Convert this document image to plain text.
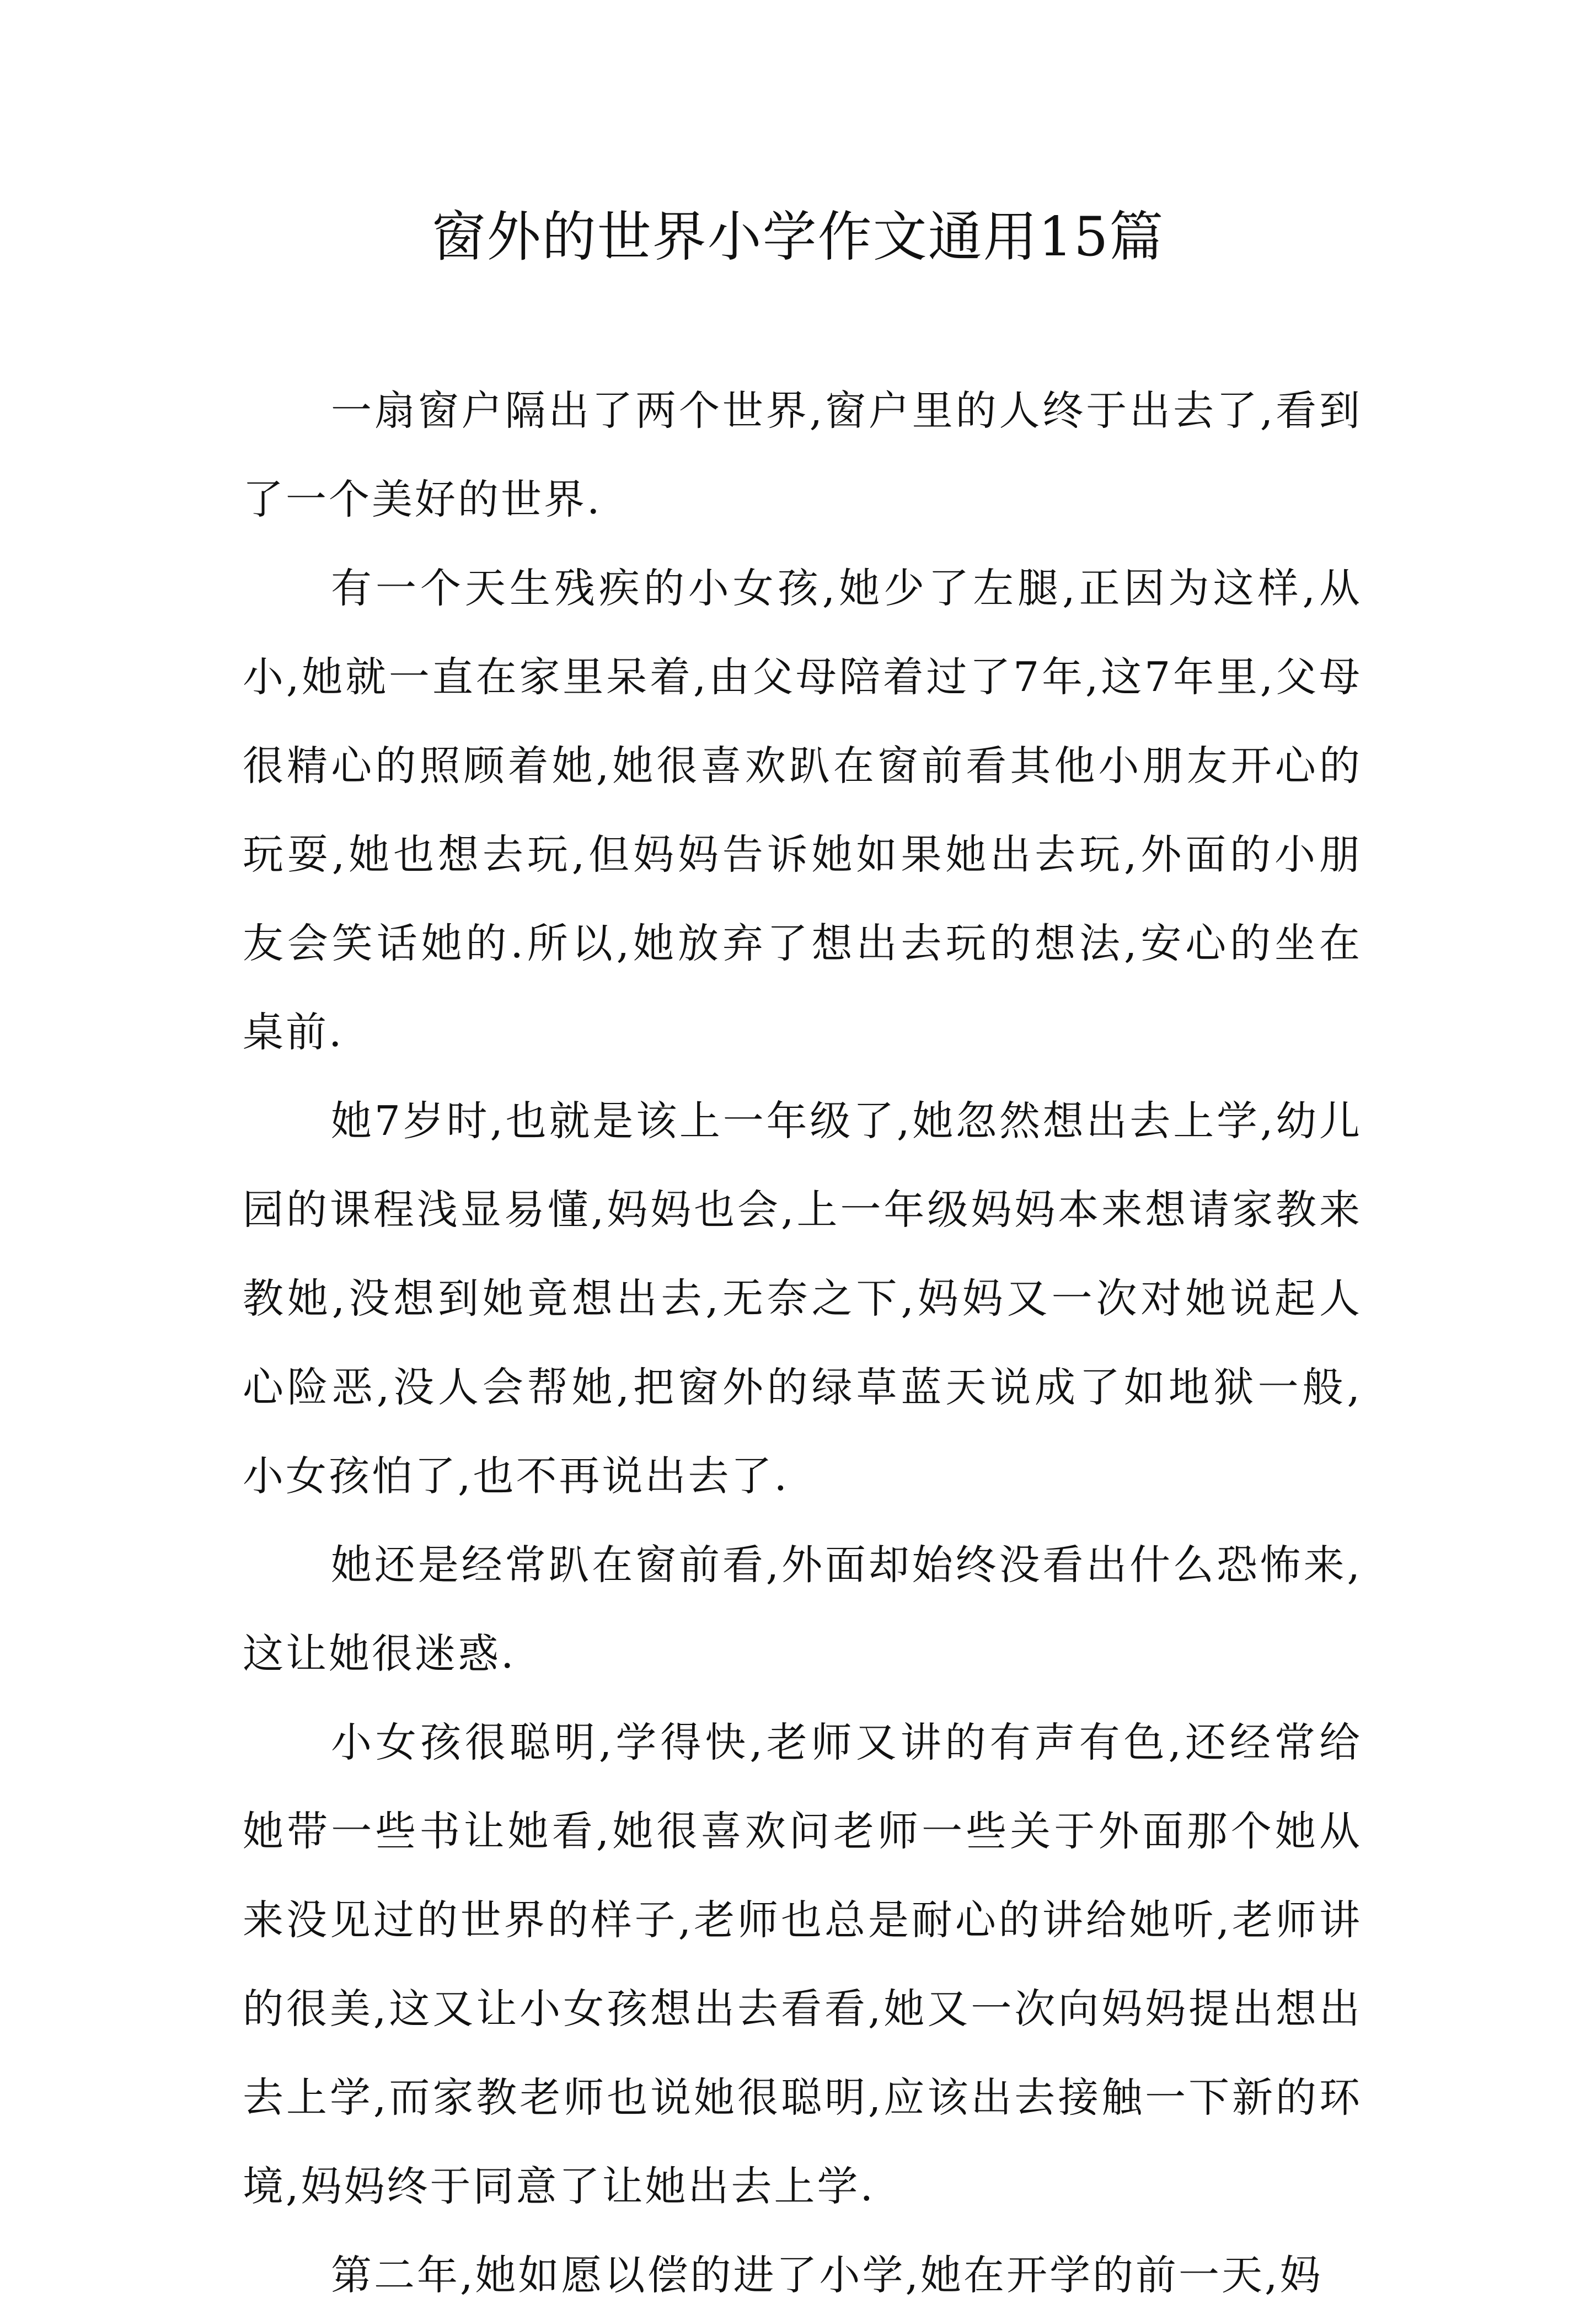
窗外的世界小学作文通用15篇

一扇窗户隔出了两个世界,窗户里的人终于出去了,看到了一个美好的世界.

有一个天生残疾的小女孩,她少了左腿,正因为这样,从小,她就一直在家里呆着,由父母陪着过了7年,这7年里,父母很精心的照顾着她,她很喜欢趴在窗前看其他小朋友开心的玩耍,她也想去玩,但妈妈告诉她如果她出去玩,外面的小朋友会笑话她的.所以,她放弃了想出去玩的想法,安心的坐在桌前.

她7岁时,也就是该上一年级了,她忽然想出去上学,幼儿园的课程浅显易懂,妈妈也会,上一年级妈妈本来想请家教来教她,没想到她竟想出去,无奈之下,妈妈又一次对她说起人心险恶,没人会帮她,把窗外的绿草蓝天说成了如地狱一般,小女孩怕了,也不再说出去了.

她还是经常趴在窗前看,外面却始终没看出什么恐怖来,这让她很迷惑.

小女孩很聪明,学得快,老师又讲的有声有色,还经常给她带一些书让她看,她很喜欢问老师一些关于外面那个她从来没见过的世界的样子,老师也总是耐心的讲给她听,老师讲的很美,这又让小女孩想出去看看,她又一次向妈妈提出想出去上学,而家教老师也说她很聪明,应该出去接触一下新的环境,妈妈终于同意了让她出去上学.

第二年,她如愿以偿的进了小学,她在开学的前一天,妈
